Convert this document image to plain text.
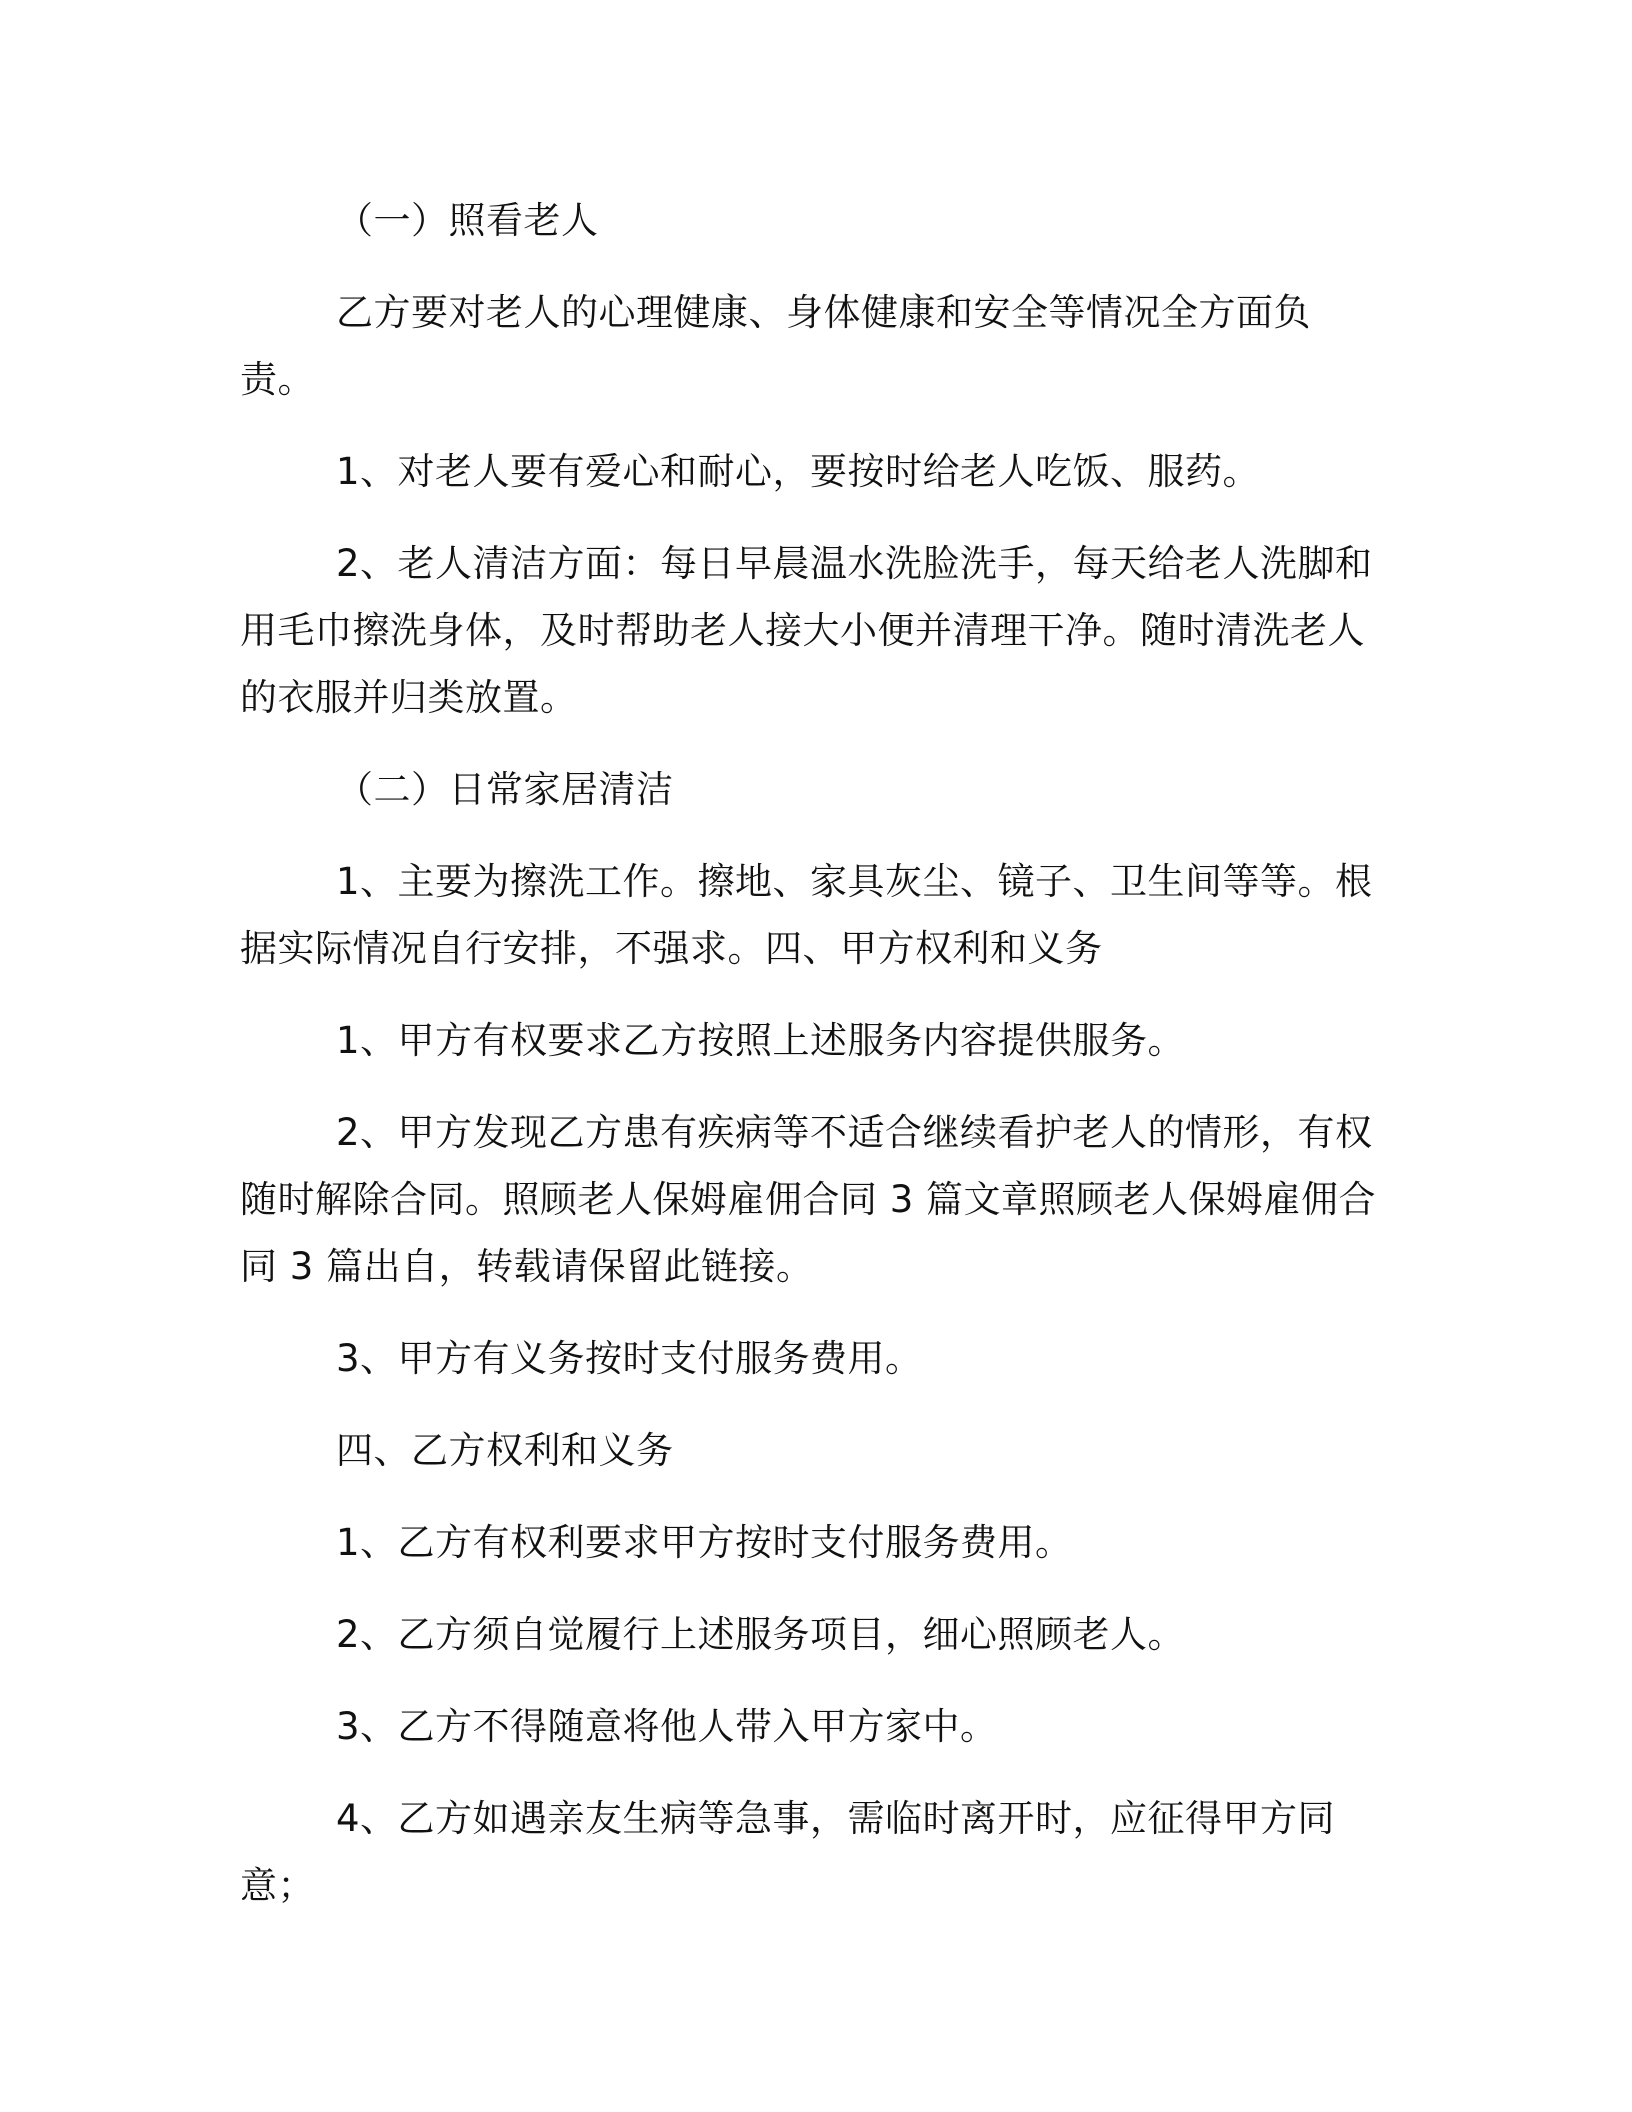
（一）照看老人

乙方要对老人的心理健康、身体健康和安全等情况全方面负责。

1、对老人要有爱心和耐心，要按时给老人吃饭、服药。

2、老人清洁方面：每日早晨温水洗脸洗手，每天给老人洗脚和用毛巾擦洗身体，及时帮助老人接大小便并清理干净。随时清洗老人的衣服并归类放置。

（二）日常家居清洁

1、主要为擦洗工作。擦地、家具灰尘、镜子、卫生间等等。根据实际情况自行安排，不强求。四、甲方权利和义务

1、甲方有权要求乙方按照上述服务内容提供服务。

2、甲方发现乙方患有疾病等不适合继续看护老人的情形，有权随时解除合同。照顾老人保姆雇佣合同 3 篇文章照顾老人保姆雇佣合同 3 篇出自，转载请保留此链接。

3、甲方有义务按时支付服务费用。

四、乙方权利和义务

1、乙方有权利要求甲方按时支付服务费用。

2、乙方须自觉履行上述服务项目，细心照顾老人。

3、乙方不得随意将他人带入甲方家中。

4、乙方如遇亲友生病等急事，需临时离开时，应征得甲方同意；
